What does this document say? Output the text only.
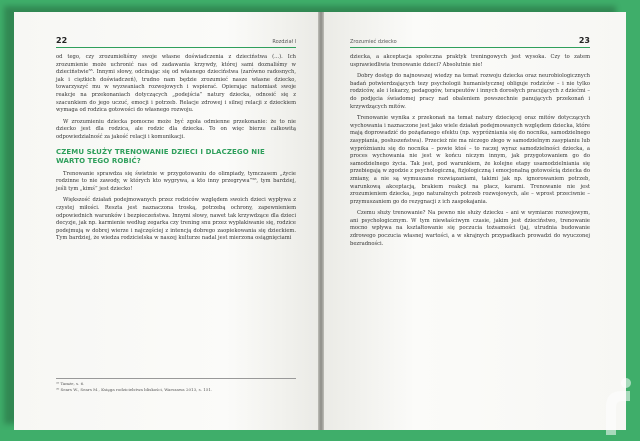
22	Rozdział I

od tego, czy zrozumiełiśmy swoje własne doświadczenia z dzieciństwa (...). Ich zrozumienie może uchronić nas od zadawania krzywdy, której sami doznaliśmy w dzieciństwie⁵⁵. Innymi słowy, odcinając się od własnego dzieciństwa (zarówno radosnych, jak i ciężkich doświadczeń), trudno nam będzie zrozumieć nasze własne dziecko, towarzyszyć mu w wyzwaniach rozwojowych i wspierać. Opierając natomiast swoje reakcje na przekonaniach dotyczących „podejścia” natury dziecka, odnosić się z szacunkiem do jego uczuć, emocji i potrzeb. Relacje zdrowej i silnej relacji z dzieckiem wymaga od rodzica gotowości do własnego rozwoju.

W zrozumieniu dziecka pomocne może być zgoła odmienne przekonanie: że to nie dziecko jest dla rodzica, ale rodzic dla dziecka. To on więc bierze całkowitą odpowiedzialność za jakość relacji i komunikacji.

CZEMU SŁUŻY TRENOWANIE DZIECI I DLACZEGO NIE WARTO TEGO ROBIĆ?

Trenowanie sprawdza się świetnie w przygotowaniu do olimpiady, tymczasem „życie rodzinne to nie zawody, w których kto wygrywa, a kto inny przegrywa”⁵⁶, tym bardziej, jeśli tym „kimś” jest dziecko!

Większość działań podejmowanych przez rodziców względem swoich dzieci wypływa z czystej miłości. Reszta jest naznaczona troską, potrzebą ochrony, zapewnieniem odpowiednich warunków i bezpieczeństwa. Innymi słowy, nawet tak krzywdzące dla dzieci decyzje, jak np. karmienie według zegarka czy trening snu przez wypłakiwanie się, rodzice podejmują w dobrej wierze i najczęściej z intencją dobrego zaopiekowania się dzieckiem. Tym bardziej, że wiedza rodzicielska w naszej kulturze nadal jest mierzona osiągnięciami

⁵⁵ Tamże, s. 6.

⁵⁶ Sears W., Sears M., Księga rodzicielstwa bliskości, Warszawa 2013, s. 151.

Zrozumieć dziecko	23

dziecka, a akceptacja społeczna praktyk treningowych jest wysoka. Czy to zatem usprawiedliwia trenowanie dzieci? Absolutnie nie!

Dobry dostęp do najnowszej wiedzy na temat rozwoju dziecka oraz neurobiologicznych badań potwierdzających tezy psychologii humanistycznej obliguje rodziców – i nie tylko rodziców, ale i lekarzy, pedagogów, terapeutów i innych dorosłych pracujących z dziećmi – do podjęcia świadomej pracy nad obaleniem powszechnie panujących przekonań i krzywdzących mitów.

Trenowanie wynika z przekonań na temat natury dziecięcej oraz mitów dotyczących wychowania i naznaczone jest jako wiele działań podejmowanych względem dziecka, które mają doprowadzić do pożądanego efektu (np. wypróżniania się do nocnika, samodzielnego zasypiania, posłuszeństwa). Przecież nie ma niczego złego w samodzielnym zasypianiu lub wypróżnianiu się do nocnika – powie ktoś – to raczej wyraz samodzielności dziecka, a proces wychowania nie jest w końcu niczym innym, jak przygotowaniem go do samodzielnego życia. Tak jest, pod warunkiem, że kolejne etapy usamodzielniania się przebiegają w zgodzie z psychologiczną, fizjologiczną i emocjonalną gotowością dziecka do zmiany, a nie są wymuszane rozwiązaniami, takimi jak np. ignorowaniem potrzeb, warunkową akceptacją, brakiem reakcji na płacz, karami. Trenowanie nie jest zrozumieniem dziecka, jego naturalnych potrzeb rozwojowych, ale – wprost przeciwnie – przymuszaniem go do rezygnacji z ich zaspokajania.

Czemu służy trenowanie? Na pewno nie służy dziecku – ani w wymiarze rozwojowym, ani psychologicznym. W tym niewłaściwym czasie, jakim jest dzieciństwo, trenowanie mocno wpływa na kształtowanie się poczucia tożsamości (jaj, utrudnia budowanie zdrowego poczucia własnej wartości, a w skrajnych przypadkach prowadzi do wyuczonej bezradności.
